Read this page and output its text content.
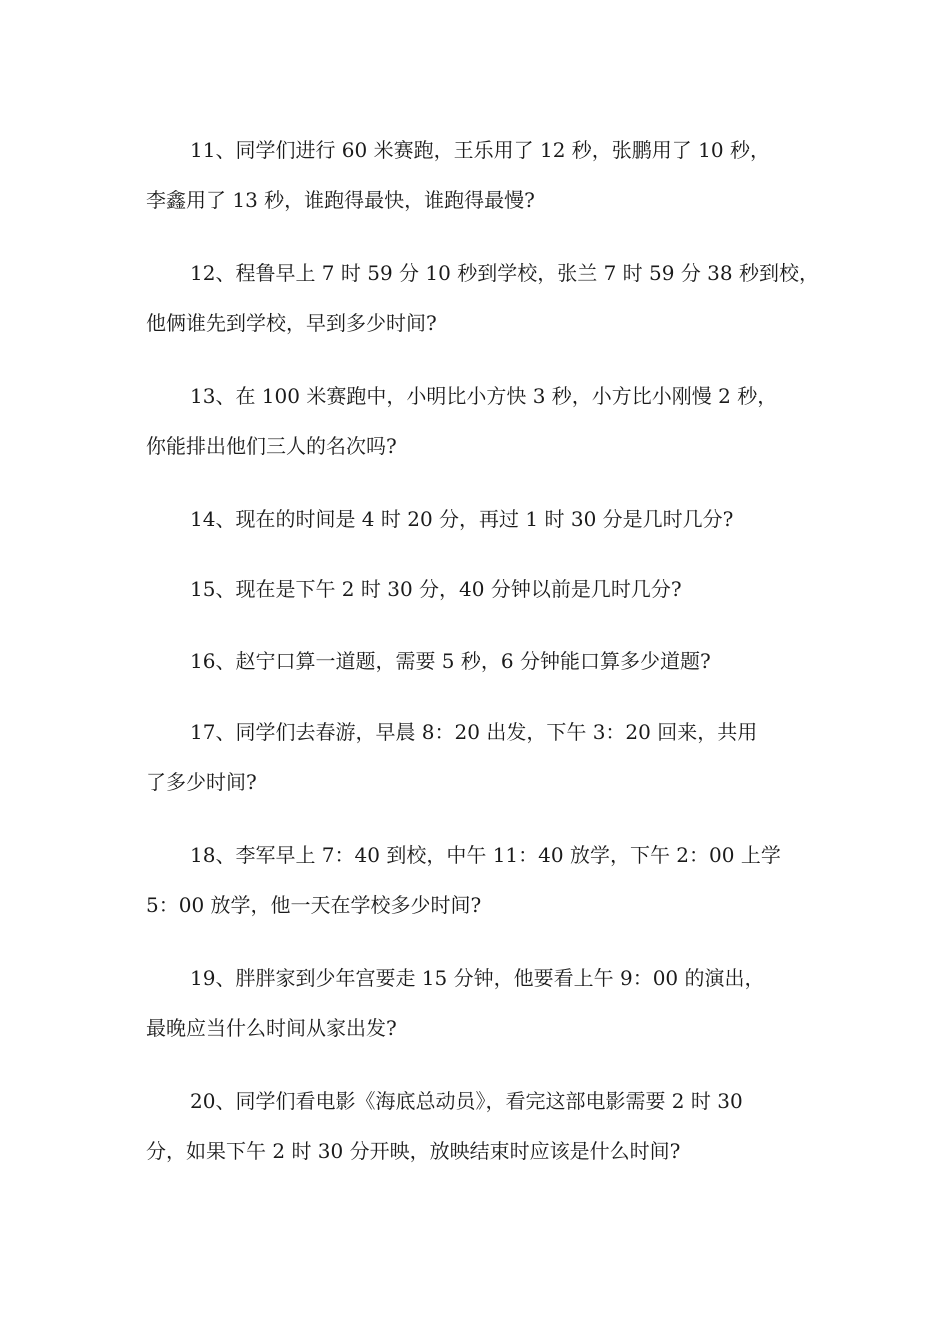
11、同学们进行 60 米赛跑，王乐用了 12 秒，张鹏用了 10 秒，
李鑫用了 13 秒，谁跑得最快，谁跑得最慢?
12、程鲁早上 7 时 59 分 10 秒到学校，张兰 7 时 59 分 38 秒到校，
他俩谁先到学校，早到多少时间?
13、在 100 米赛跑中，小明比小方快 3 秒，小方比小刚慢 2 秒，
你能排出他们三人的名次吗?
14、现在的时间是 4 时 20 分，再过 1 时 30 分是几时几分?
15、现在是下午 2 时 30 分，40 分钟以前是几时几分?
16、赵宁口算一道题，需要 5 秒，6 分钟能口算多少道题?
17、同学们去春游，早晨 8：20 出发，下午 3：20 回来，共用
了多少时间?
18、李军早上 7：40 到校，中午 11：40 放学，下午 2：00 上学
5：00 放学，他一天在学校多少时间?
19、胖胖家到少年宫要走 15 分钟，他要看上午 9：00 的演出，
最晚应当什么时间从家出发?
20、同学们看电影《海底总动员》，看完这部电影需要 2 时 30
分，如果下午 2 时 30 分开映，放映结束时应该是什么时间?
